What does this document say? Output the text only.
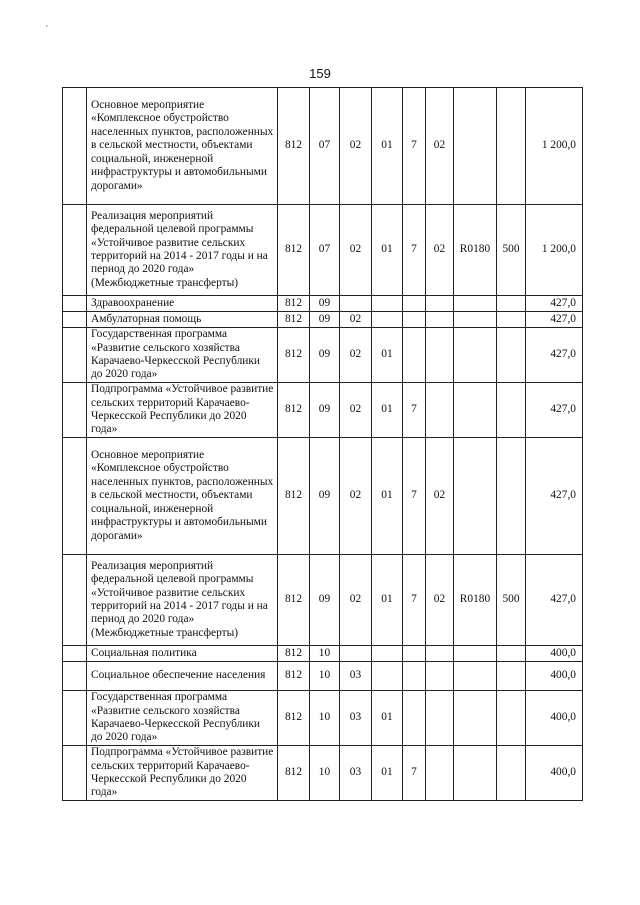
'
159
	Основное мероприятие «Комплексное обустройство населенных пунктов, расположенных в сельской местности, объектами социальной, инженерной инфраструктуры и автомобильными дорогами»	812	07	02	01	7	02			1 200,0
	Реализация мероприятий федеральной целевой программы «Устойчивое развитие сельских территорий на 2014 - 2017 годы и на период до 2020 года» (Межбюджетные трансферты)	812	07	02	01	7	02	R0180	500	1 200,0
	Здравоохранение	812	09							427,0
	Амбулаторная помощь	812	09	02						427,0
	Государственная программа «Развитие сельского хозяйства Карачаево-Черкесской Республики до 2020 года»	812	09	02	01					427,0
	Подпрограмма «Устойчивое развитие сельских территорий Карачаево-Черкесской Республики до 2020 года»	812	09	02	01	7				427,0
	Основное мероприятие «Комплексное обустройство населенных пунктов, расположенных в сельской местности, объектами социальной, инженерной инфраструктуры и автомобильными дорогами»	812	09	02	01	7	02			427,0
	Реализация мероприятий федеральной целевой программы «Устойчивое развитие сельских территорий на 2014 - 2017 годы и на период до 2020 года» (Межбюджетные трансферты)	812	09	02	01	7	02	R0180	500	427,0
	Социальная политика	812	10							400,0
	Социальное обеспечение населения	812	10	03						400,0
	Государственная программа «Развитие сельского хозяйства Карачаево-Черкесской Республики до 2020 года»	812	10	03	01					400,0
	Подпрограмма «Устойчивое развитие сельских территорий Карачаево-Черкесской Республики до 2020 года»	812	10	03	01	7				400,0
